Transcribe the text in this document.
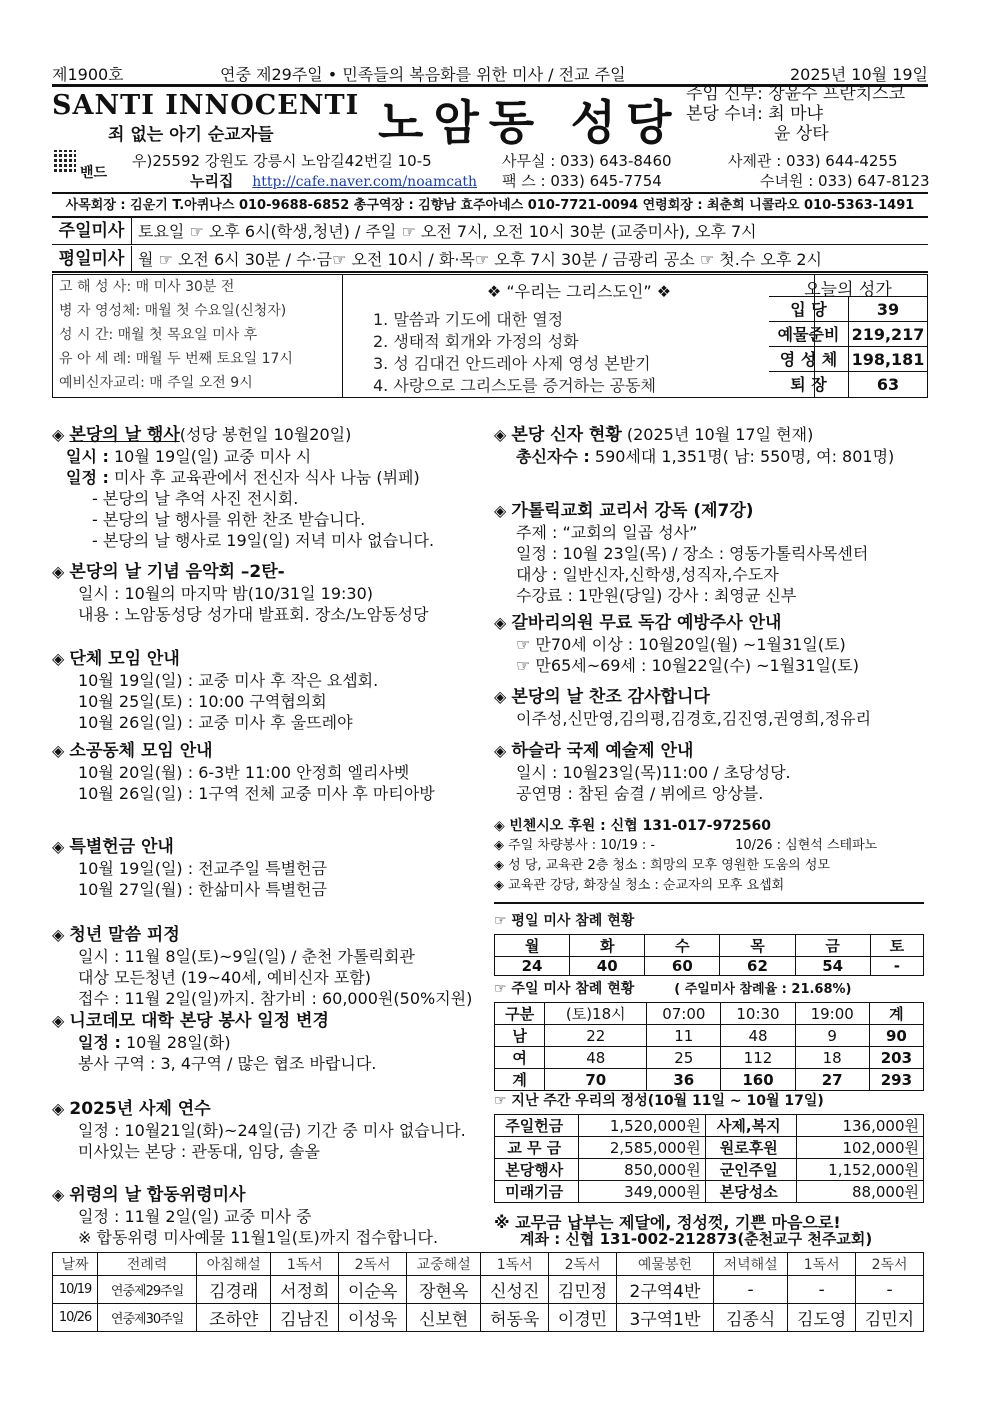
제1900호	연중 제29주일 • 민족들의 복음화를 위한 미사 / 전교 주일	2025년 10월 19일
SANTI INNOCENTI
죄 없는 아기 순교자들 노암동 성당
주임 신부: 장윤수 프란치스코
본당 수녀: 최 마냐
윤 상타
밴드
우)25592 강원도 강릉시 노암길42번길 10-5	사무실 : 033) 643-8460	사제관 : 033) 644-4255
누리집 http://cafe.naver.com/noamcath 팩 스 : 033) 645-7754	수녀원 : 033) 647-8123
사목회장 : 김운기 T.아퀴나스 010-9688-6852 총구역장 : 김향남 효주아네스 010-7721-0094 연령회장 : 최춘희 니콜라오 010-5363-1491
주일미사 토요일 ☞ 오후 6시(학생,청년) / 주일 ☞ 오전 7시, 오전 10시 30분 (교중미사), 오후 7시
평일미사 월 ☞ 오전 6시 30분 / 수·금☞ 오전 10시 / 화·목☞ 오후 7시 30분 / 금광리 공소 ☞ 첫.수 오후 2시
고 해 성 사: 매 미사 30분 전
병 자 영성체: 매월 첫 수요일(신청자)
성 시 간: 매월 첫 목요일 미사 후
유 아 세 례: 매월 두 번째 토요일 17시
예비신자교리: 매 주일 오전 9시
❖ “우리는 그리스도인” ❖
1. 말씀과 기도에 대한 열정
2. 생태적 회개와 가정의 성화
3. 성 김대건 안드레아 사제 영성 본받기
4. 사랑으로 그리스도를 증거하는 공동체
오늘의 성가
입 당	39
예물준비 219,217
영 성 체 198,181
퇴 장	63
◈ 본당의 날 행사(성당 봉헌일 10월20일)
일시 : 10월 19일(일) 교중 미사 시
일정 : 미사 후 교육관에서 전신자 식사 나눔 (뷔페)
- 본당의 날 추억 사진 전시회.
- 본당의 날 행사를 위한 찬조 받습니다.
- 본당의 날 행사로 19일(일) 저녁 미사 없습니다.
◈ 본당의 날 기념 음악회 –2탄-
일시 : 10월의 마지막 밤(10/31일 19:30)
내용 : 노암동성당 성가대 발표회. 장소/노암동성당
◈ 단체 모임 안내
10월 19일(일) : 교중 미사 후 작은 요셉회.
10월 25일(토) : 10:00 구역협의회
10월 26일(일) : 교중 미사 후 울뜨레야
◈ 소공동체 모임 안내
10월 20일(월) : 6-3반 11:00 안정희 엘리사벳
10월 26일(일) : 1구역 전체 교중 미사 후 마티아방
◈ 특별헌금 안내
10월 19일(일) : 전교주일 특별헌금
10월 27일(월) : 한삶미사 특별헌금
◈ 청년 말씀 피정
일시 : 11월 8일(토)~9일(일) / 춘천 가톨릭회관
대상 모든청년 (19~40세, 예비신자 포함)
접수 : 11월 2일(일)까지. 참가비 : 60,000원(50%지원)
◈ 니코데모 대학 본당 봉사 일정 변경
일정 : 10월 28일(화)
봉사 구역 : 3, 4구역 / 많은 협조 바랍니다.
◈ 2025년 사제 연수
일정 : 10월21일(화)~24일(금) 기간 중 미사 없습니다.
미사있는 본당 : 관동대, 임당, 솔올
◈ 위령의 날 합동위령미사
일정 : 11월 2일(일) 교중 미사 중
※ 합동위령 미사예물 11월1일(토)까지 접수합니다.
◈ 본당 신자 현황 (2025년 10월 17일 현재)
총신자수 : 590세대 1,351명( 남: 550명, 여: 801명)
◈ 가톨릭교회 교리서 강독 (제7강)
주제 : “교회의 일곱 성사”
일정 : 10월 23일(목) / 장소 : 영동가톨릭사목센터
대상 : 일반신자,신학생,성직자,수도자
수강료 : 1만원(당일) 강사 : 최영균 신부
◈ 갈바리의원 무료 독감 예방주사 안내
☞ 만70세 이상 : 10월20일(월) ~1월31일(토)
☞ 만65세~69세 : 10월22일(수) ~1월31일(토)
◈ 본당의 날 찬조 감사합니다
이주성,신만영,김의평,김경호,김진영,권영희,정유리
◈ 하슬라 국제 예술제 안내
일시 : 10월23일(목)11:00 / 초당성당.
공연명 : 참된 숨결 / 뷔에르 앙상블.
◈ 빈첸시오 후원 : 신협 131-017-972560
◈ 주일 차량봉사 : 10/19 : -	10/26 : 심현석 스테파노
◈ 성 당, 교육관 2층 청소 : 희망의 모후 영원한 도움의 성모
◈ 교육관 강당, 화장실 청소 : 순교자의 모후 요셉회
☞ 평일 미사 참례 현황
월	화	수	목	금	토
24	40	60	62	54	-
☞ 주일 미사 참례 현황	( 주일미사 참례율 : 21.68%)
구분	(토)18시	07:00	10:30	19:00	계
남	22	11	48	9	90
여	48	25	112	18	203
계	70	36	160	27	293
☞ 지난 주간 우리의 정성(10월 11일 ~ 10월 17일)
주일헌금	1,520,000원	사제,복지	136,000원
교 무 금	2,585,000원	원로후원	102,000원
본당행사	850,000원	군인주일	1,152,000원
미래기금	349,000원	본당성소	88,000원
※ 교무금 납부는 제달에, 정성껏, 기쁜 마음으로!
계좌 : 신협 131-002-212873(춘천교구 천주교회)
날짜	전례력	아침해설	1독서	2독서	교중해설	1독서	2독서	예물봉헌	저녁해설	1독서	2독서
10/19	연중제29주일	김경래	서정희	이순옥	장현옥	신성진	김민정	2구역4반	-	-	-
10/26	연중제30주일	조하얀	김남진	이성욱	신보현	허동욱	이경민	3구역1반	김종식	김도영	김민지
